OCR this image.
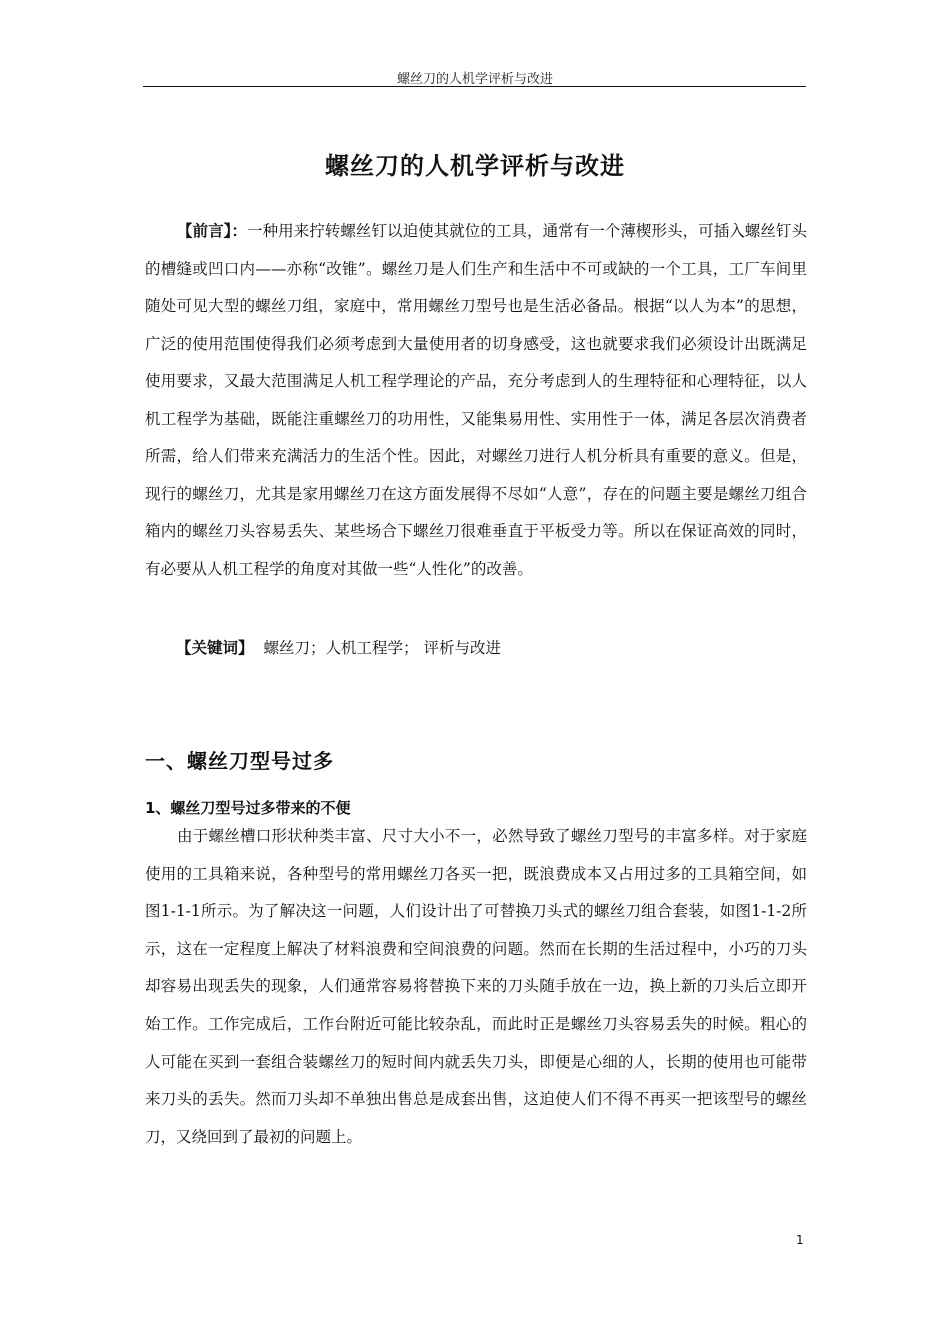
螺丝刀的人机学评析与改进
螺丝刀的人机学评析与改进
【前言】：一种用来拧转螺丝钉以迫使其就位的工具，通常有一个薄楔形头，可插入螺丝钉头的槽缝或凹口内——亦称“改锥”。螺丝刀是人们生产和生活中不可或缺的一个工具，工厂车间里随处可见大型的螺丝刀组，家庭中，常用螺丝刀型号也是生活必备品。根据“以人为本”的思想，广泛的使用范围使得我们必须考虑到大量使用者的切身感受，这也就要求我们必须设计出既满足使用要求，又最大范围满足人机工程学理论的产品，充分考虑到人的生理特征和心理特征，以人机工程学为基础，既能注重螺丝刀的功用性，又能集易用性、实用性于一体，满足各层次消费者所需，给人们带来充满活力的生活个性。因此，对螺丝刀进行人机分析具有重要的意义。但是，现行的螺丝刀，尤其是家用螺丝刀在这方面发展得不尽如“人意”，存在的问题主要是螺丝刀组合箱内的螺丝刀头容易丢失、某些场合下螺丝刀很难垂直于平板受力等。所以在保证高效的同时，有必要从人机工程学的角度对其做一些“人性化”的改善。
【关键词】 螺丝刀；人机工程学； 评析与改进
一、螺丝刀型号过多
1、螺丝刀型号过多带来的不便
由于螺丝槽口形状种类丰富、尺寸大小不一，必然导致了螺丝刀型号的丰富多样。对于家庭使用的工具箱来说，各种型号的常用螺丝刀各买一把，既浪费成本又占用过多的工具箱空间，如图1-1-1所示。为了解决这一问题，人们设计出了可替换刀头式的螺丝刀组合套装，如图1-1-2所示，这在一定程度上解决了材料浪费和空间浪费的问题。然而在长期的生活过程中，小巧的刀头却容易出现丢失的现象，人们通常容易将替换下来的刀头随手放在一边，换上新的刀头后立即开始工作。工作完成后，工作台附近可能比较杂乱，而此时正是螺丝刀头容易丢失的时候。粗心的人可能在买到一套组合装螺丝刀的短时间内就丢失刀头，即便是心细的人，长期的使用也可能带来刀头的丢失。然而刀头却不单独出售总是成套出售，这迫使人们不得不再买一把该型号的螺丝刀，又绕回到了最初的问题上。
1
